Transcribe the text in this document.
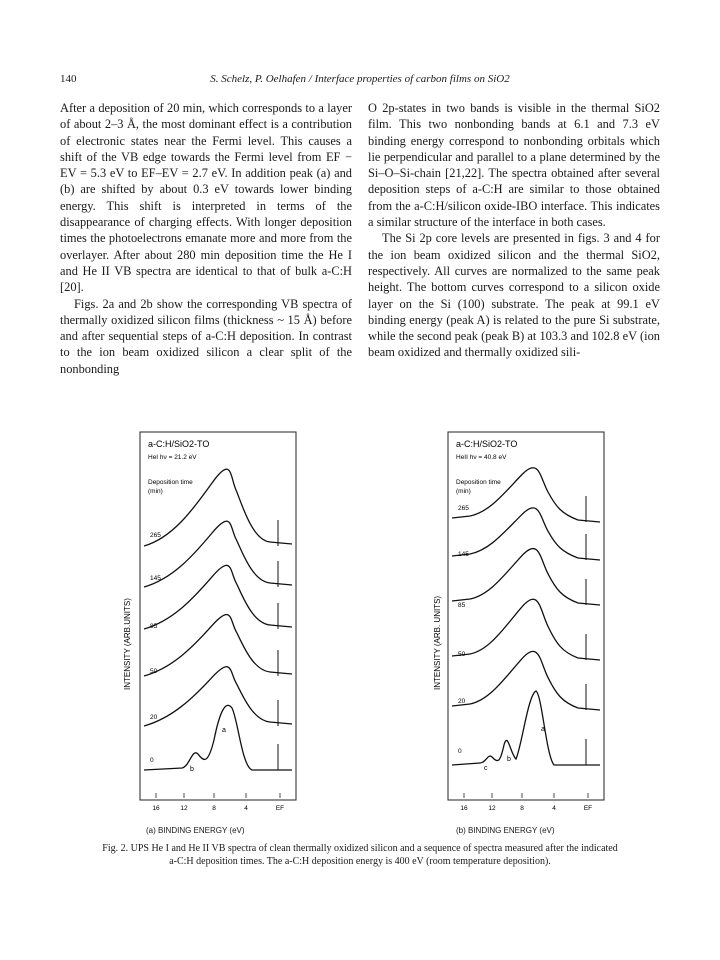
140	S. Schelz, P. Oelhafen / Interface properties of carbon films on SiO2

After a deposition of 20 min, which corresponds to a layer of about 2–3 Å, the most dominant effect is a contribution of electronic states near the Fermi level. This causes a shift of the VB edge towards the Fermi level from EF − EV = 5.3 eV to EF–EV = 2.7 eV. In addition peak (a) and (b) are shifted by about 0.3 eV towards lower binding energy. This shift is interpreted in terms of the disappearance of charging effects. With longer deposition times the photoelectrons emanate more and more from the overlayer. After about 280 min deposition time the He I and He II VB spectra are identical to that of bulk a-C:H [20].

Figs. 2a and 2b show the corresponding VB spectra of thermally oxidized silicon films (thickness ~ 15 Å) before and after sequential steps of a-C:H deposition. In contrast to the ion beam oxidized silicon a clear split of the nonbonding

O 2p-states in two bands is visible in the thermal SiO2 film. This two nonbonding bands at 6.1 and 7.3 eV binding energy correspond to nonbonding orbitals which lie perpendicular and parallel to a plane determined by the Si–O–Si-chain [21,22]. The spectra obtained after several deposition steps of a-C:H are similar to those obtained from the a-C:H/silicon oxide-IBO interface. This indicates a similar structure of the interface in both cases.

The Si 2p core levels are presented in figs. 3 and 4 for the ion beam oxidized silicon and the thermal SiO2, respectively. All curves are normalized to the same peak height. The bottom curves correspond to a silicon oxide layer on the Si (100) substrate. The peak at 99.1 eV binding energy (peak A) is related to the pure Si substrate, while the second peak (peak B) at 103.3 and 102.8 eV (ion beam oxidized and thermally oxidized sili-

a-C:H/SiO2-TO
HeI hν = 21.2 eV
Deposition time
(min)
INTENSITY (ARB.UNITS)
265
145
85
50
20
0
16	12	8	4	EF
a
b
a-C:H/SiO2-TO
HeII hν = 40.8 eV
Deposition time
(min)
INTENSITY (ARB. UNITS)
265
145
85
50
20
0
16	12	8	4	EF
a
b
c
(a) BINDING ENERGY (eV)	(b) BINDING ENERGY (eV)
Fig. 2. UPS He I and He II VB spectra of clean thermally oxidized silicon and a sequence of spectra measured after the indicated
a-C:H deposition times. The a-C:H deposition energy is 400 eV (room temperature deposition).
